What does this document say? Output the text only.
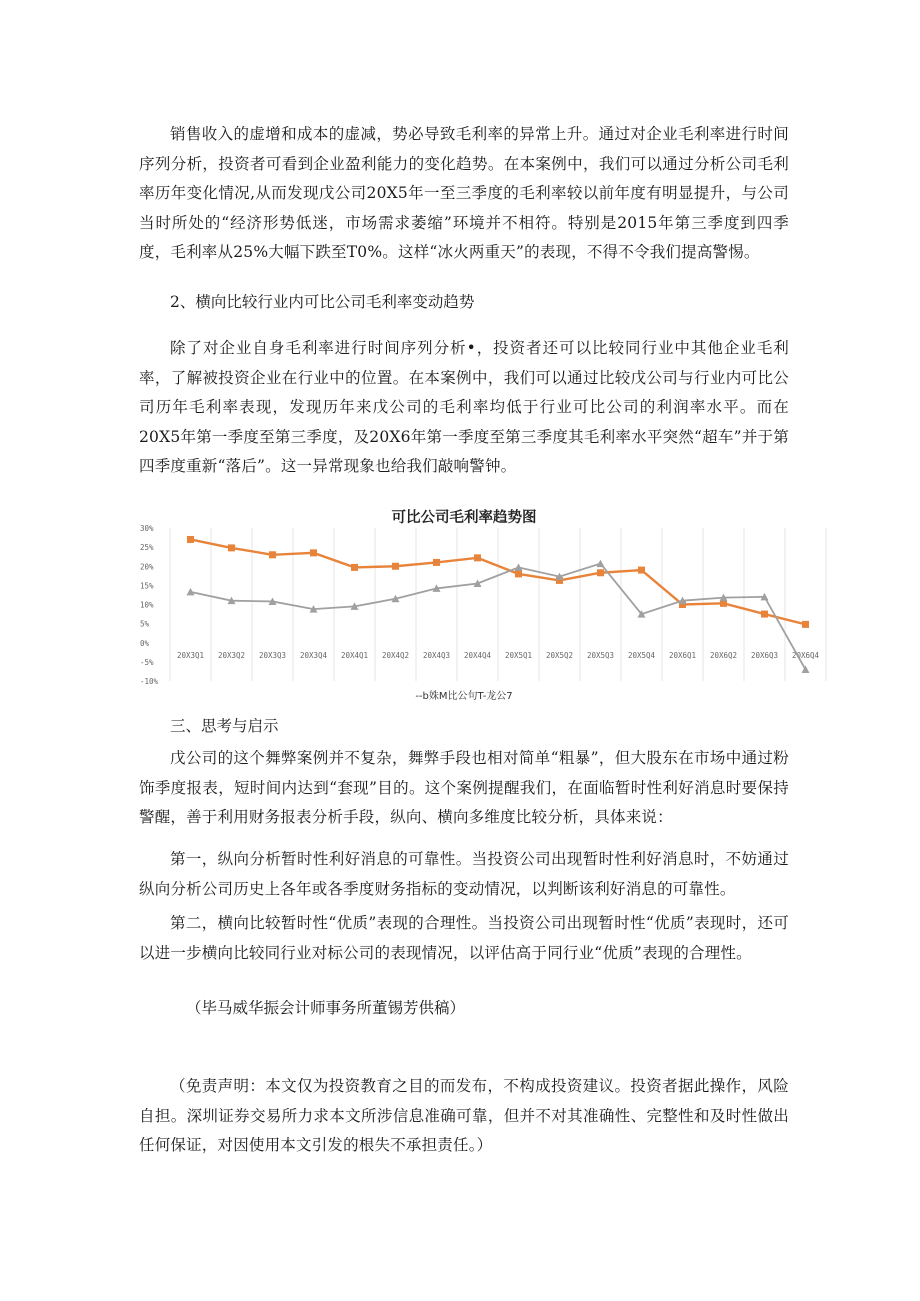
销售收入的虚增和成本的虚减，势必导致毛利率的异常上升。通过对企业毛利率进行时间序列分析，投资者可看到企业盈利能力的变化趋势。在本案例中，我们可以通过分析公司毛利率历年变化情况,从而发现戊公司20X5年一至三季度的毛利率较以前年度有明显提升，与公司当时所处的“经济形势低迷，市场需求萎缩”环境并不相符。特别是2015年第三季度到四季度，毛利率从25%大幅下跌至T0%。这样“冰火两重天”的表现，不得不令我们提高警惕。

2、横向比较行业内可比公司毛利率变动趋势

除了对企业自身毛利率进行时间序列分析•，投资者还可以比较同行业中其他企业毛利率，了解被投资企业在行业中的位置。在本案例中，我们可以通过比较戊公司与行业内可比公司历年毛利率表现，发现历年来戊公司的毛利率均低于行业可比公司的利润率水平。而在20X5年第一季度至第三季度，及20X6年第一季度至第三季度其毛利率水平突然“超车”并于第四季度重新“落后”。这一异常现象也给我们敲响警钟。

可比公司毛利率趋势图
30%
25%
20%
15%
10%
5%
0%
-5%
-10%
20X3Q1 20X3Q2 20X3Q3 20X3Q4 20X4Q1 20X4Q2 20X4Q3 20X4Q4 20X5Q1 20X5Q2 20X5Q3 20X5Q4 20X6Q1 20X6Q2 20X6Q3 20X6Q4
--b姝M比公句T-龙公7

三、思考与启示

戊公司的这个舞弊案例并不复杂，舞弊手段也相对简单“粗暴”，但大股东在市场中通过粉饰季度报表，短时间内达到“套现”目的。这个案例提醒我们，在面临暂时性利好消息时要保持警醒，善于利用财务报表分析手段，纵向、横向多维度比较分析，具体来说：

第一，纵向分析暂时性利好消息的可靠性。当投资公司出现暂时性利好消息时，不妨通过纵向分析公司历史上各年或各季度财务指标的变动情况，以判断该利好消息的可靠性。

第二，横向比较暂时性“优质”表现的合理性。当投资公司出现暂时性“优质”表现时，还可以进一步横向比较同行业对标公司的表现情况，以评估高于同行业“优质”表现的合理性。

（毕马威华振会计师事务所董锡芳供稿）

（免责声明：本文仅为投资教育之目的而发布，不构成投资建议。投资者据此操作，风险自担。深圳证券交易所力求本文所涉信息准确可靠，但并不对其准确性、完整性和及时性做出任何保证，对因使用本文引发的根失不承担责任。）
